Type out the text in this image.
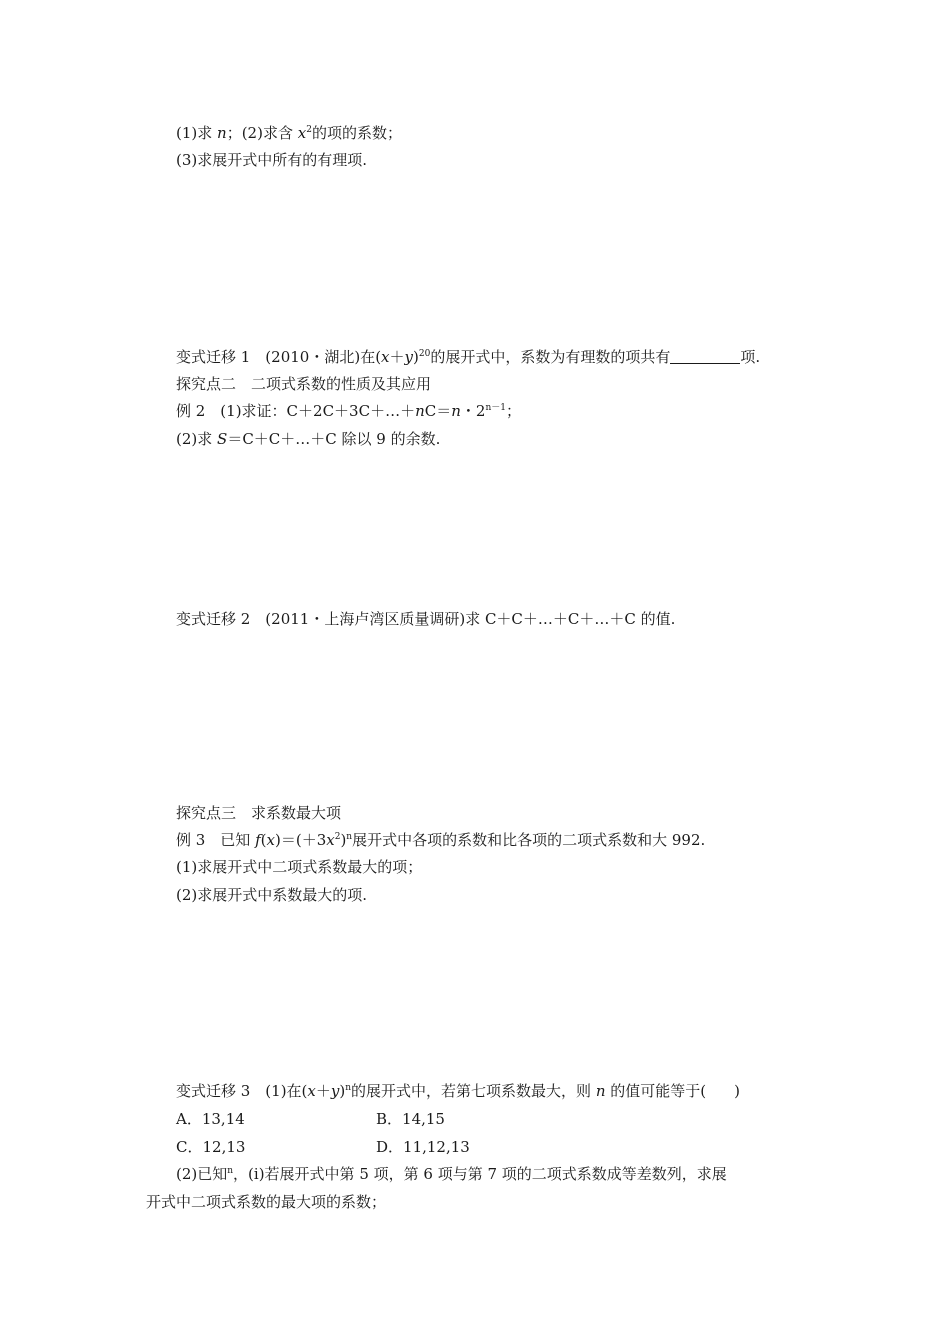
(1)求 n；(2)求含 $x^2$的项的系数；
(3)求展开式中所有的有理项.
变式迁移 1　(2010・湖北)在$(x+y)^{20}$的展开式中，系数为有理数的项共有	项.
探究点二　二项式系数的性质及其应用
例 2　(1)求证：C＋2C＋3C＋…＋nC＝n・$2^{n-1}$；
(2)求 S＝C＋C＋…＋C 除以 9 的余数.
变式迁移 2　(2011・上海卢湾区质量调研)求 C＋C＋…＋C＋…＋C 的值.
探究点三　求系数最大项
例 3　已知 $f(x)=(+3x^2)^n$展开式中各项的系数和比各项的二项式系数和大 992.
(1)求展开式中二项式系数最大的项；
(2)求展开式中系数最大的项.
变式迁移 3　(1)在$(x+y)^n$的展开式中，若第七项系数最大，则 n 的值可能等于( )
A．13,14	B．14,15
C．12,13	D．11,12,13
(2)已知$^n$，(ⅰ)若展开式中第 5 项，第 6 项与第 7 项的二项式系数成等差数列，求展
开式中二项式系数的最大项的系数；
